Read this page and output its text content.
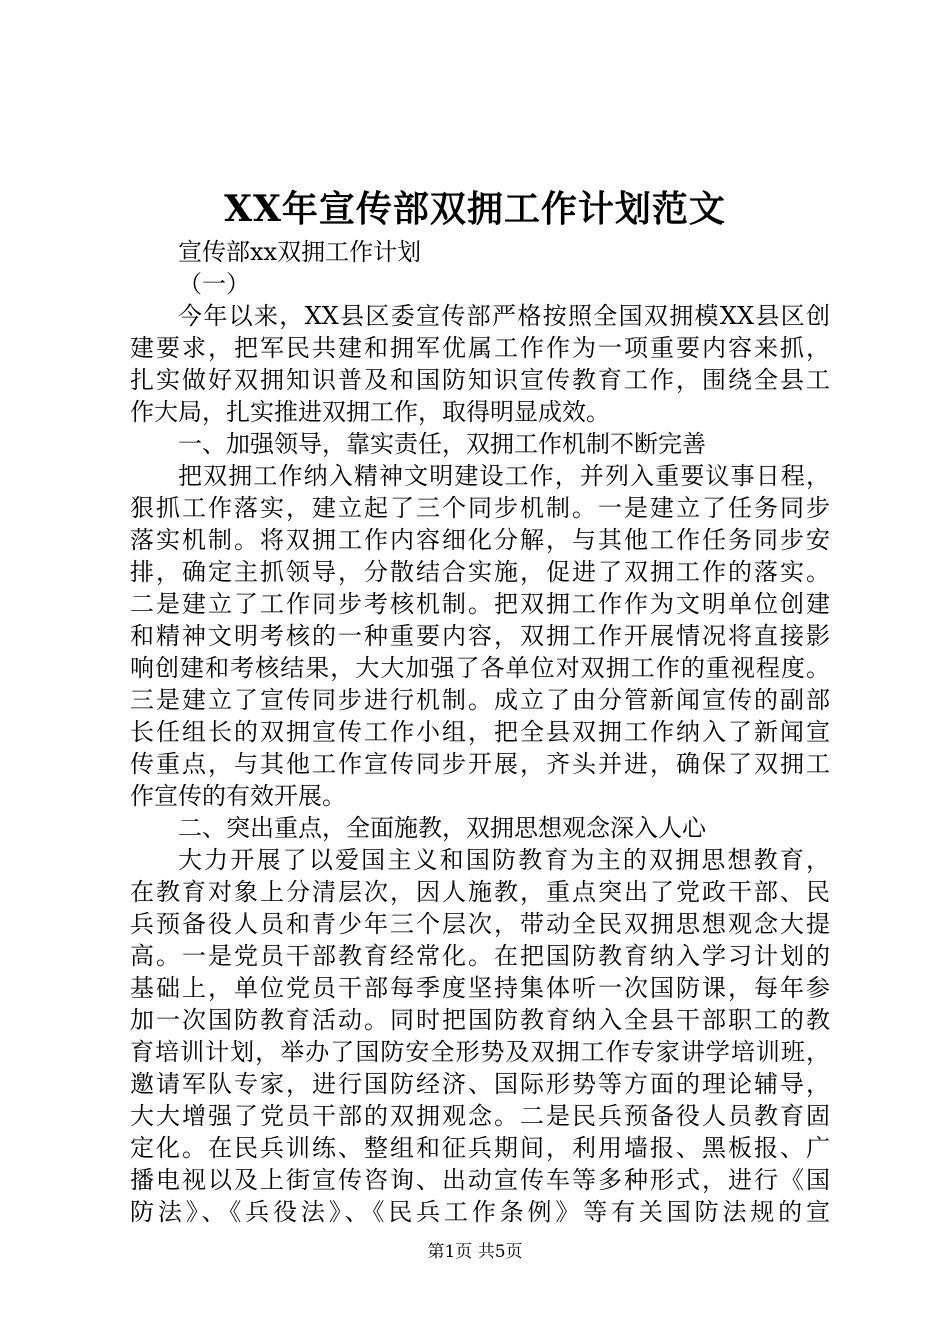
XX年宣传部双拥工作计划范文
宣传部xx双拥工作计划
（一）
今年以来，XX县区委宣传部严格按照全国双拥模XX县区创
建要求，把军民共建和拥军优属工作作为一项重要内容来抓，
扎实做好双拥知识普及和国防知识宣传教育工作，围绕全县工
作大局，扎实推进双拥工作，取得明显成效。
一、加强领导，靠实责任，双拥工作机制不断完善
把双拥工作纳入精神文明建设工作，并列入重要议事日程，
狠抓工作落实，建立起了三个同步机制。一是建立了任务同步
落实机制。将双拥工作内容细化分解，与其他工作任务同步安
排，确定主抓领导，分散结合实施，促进了双拥工作的落实。
二是建立了工作同步考核机制。把双拥工作作为文明单位创建
和精神文明考核的一种重要内容，双拥工作开展情况将直接影
响创建和考核结果，大大加强了各单位对双拥工作的重视程度。
三是建立了宣传同步进行机制。成立了由分管新闻宣传的副部
长任组长的双拥宣传工作小组，把全县双拥工作纳入了新闻宣
传重点，与其他工作宣传同步开展，齐头并进，确保了双拥工
作宣传的有效开展。
二、突出重点，全面施教，双拥思想观念深入人心
大力开展了以爱国主义和国防教育为主的双拥思想教育，
在教育对象上分清层次，因人施教，重点突出了党政干部、民
兵预备役人员和青少年三个层次，带动全民双拥思想观念大提
高。一是党员干部教育经常化。在把国防教育纳入学习计划的
基础上，单位党员干部每季度坚持集体听一次国防课，每年参
加一次国防教育活动。同时把国防教育纳入全县干部职工的教
育培训计划，举办了国防安全形势及双拥工作专家讲学培训班，
邀请军队专家，进行国防经济、国际形势等方面的理论辅导，
大大增强了党员干部的双拥观念。二是民兵预备役人员教育固
定化。在民兵训练、整组和征兵期间，利用墙报、黑板报、广
播电视以及上街宣传咨询、出动宣传车等多种形式，进行《国
防法》、《兵役法》、《民兵工作条例》等有关国防法规的宣
第1页 共5页
